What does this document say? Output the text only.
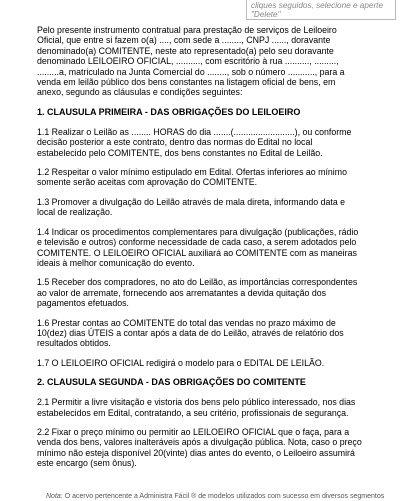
cliques seguidos, selecione e aperte "Delete"

Pelo presente instrumento contratual para prestação de serviços de Leiloeiro Oficial, que entre si fazem o(a) ...., com sede a ........, CNPJ ......, doravante denominado(a) COMITENTE, neste ato representado(a) pelo seu doravante denominado LEILOEIRO OFICIAL, .........., com escritório à rua .........., ........., .........a, matriculado na Junta Comercial do ........, sob o número ..........., para a venda em leilão público dos bens constantes na listagem oficial de bens, em anexo, segundo as cláusulas e condições seguintes:

1. CLAUSULA PRIMEIRA - DAS OBRIGAÇÕES DO LEILOEIRO

1.1 Realizar o Leilão as ........ HORAS do dia .......(.........................), ou conforme decisão posterior a este contrato, dentro das normas do Edital no local estabelecido pelo COMITENTE, dos bens constantes no Edital de Leilão.

1.2 Respeitar o valor mínimo estipulado em Edital. Ofertas inferiores ao mínimo somente serão aceitas com aprovação do COMITENTE.

1.3 Promover a divulgação do Leilão através de mala direta, informando data e local de realização.

1.4 Indicar os procedimentos complementares para divulgação (publicações, rádio e televisão e outros) conforme necessidade de cada caso, a serem adotados pelo COMITENTE. O LEILOEIRO OFICIAL auxiliará ao COMITENTE com as maneiras ideais à melhor comunicação do evento.

1.5 Receber dos compradores, no ato do Leilão, as importâncias correspondentes ao valor de arremate, fornecendo aos arrematantes a devida quitação dos pagamentos efetuados.

1.6 Prestar contas ao COMITENTE do total das vendas no prazo máximo de 10(dez) dias ÚTEIS a contar após a data de do Leilão, através de relatório dos resultados obtidos.

1.7 O LEILOEIRO OFICIAL redigirá o modelo para o EDITAL DE LEILÃO.

2. CLAUSULA SEGUNDA - DAS OBRIGAÇÕES DO COMITENTE

2.1 Permitir a livre visitação e vistoria dos bens pelo público interessado, nos dias estabelecidos em Edital, contratando, a seu critério, profissionais de segurança.

2.2 Fixar o preço mínimo ou permitir ao LEILOEIRO OFICIAL que o faça, para a venda dos bens, valores inalteráveis após a divulgação pública. Nota, caso o preço mínimo não esteja disponível 20(vinte) dias antes do evento, o Leiloeiro assumirá este encargo (sem ônus).

Nota: O acervo pertencente a Administra Fácil ® de modelos utilizados com sucesso em diversos segmentos
